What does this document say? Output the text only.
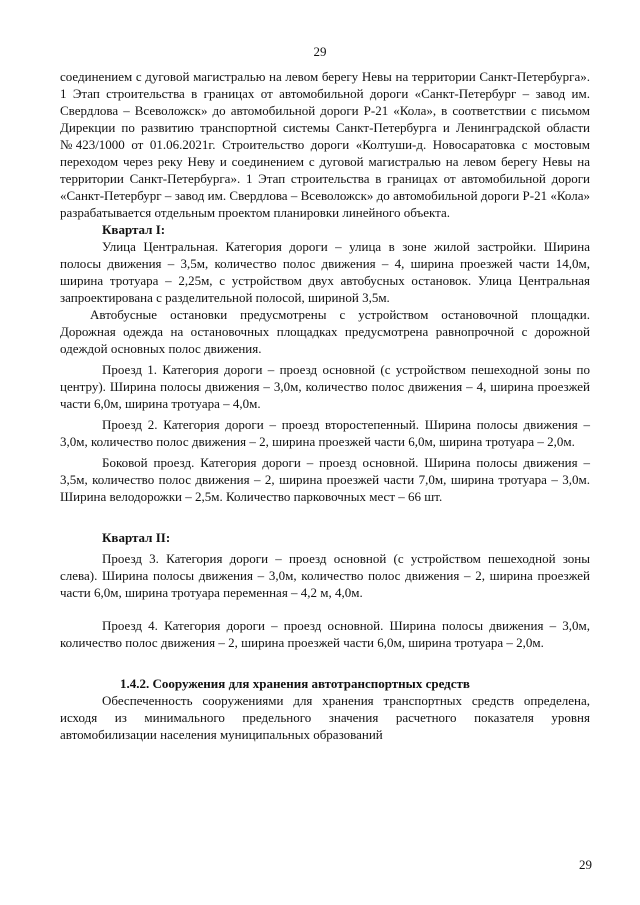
29

соединением с дуговой магистралью на левом берегу Невы на территории Санкт-Петербурга». 1 Этап строительства в границах от автомобильной дороги «Санкт-Петербург – завод им. Свердлова – Всеволожск» до автомобильной дороги Р-21 «Кола», в соответствии с письмом Дирекции по развитию транспортной системы Санкт-Петербурга и Ленинградской области №423/1000 от 01.06.2021г. Строительство дороги «Колтуши-д. Новосаратовка с мостовым переходом через реку Неву и соединением с дуговой магистралью на левом берегу Невы на территории Санкт-Петербурга». 1 Этап строительства в границах от автомобильной дороги «Санкт-Петербург – завод им. Свердлова – Всеволожск» до автомобильной дороги Р-21 «Кола» разрабатывается отдельным проектом планировки линейного объекта.

Квартал I:

Улица Центральная. Категория дороги – улица в зоне жилой застройки. Ширина полосы движения – 3,5м, количество полос движения – 4, ширина проезжей части 14,0м, ширина тротуара – 2,25м, с устройством двух автобусных остановок. Улица Центральная запроектирована с разделительной полосой, шириной 3,5м.

Автобусные остановки предусмотрены с устройством остановочной площадки. Дорожная одежда на остановочных площадках предусмотрена равнопрочной с дорожной одеждой основных полос движения.

Проезд 1. Категория дороги – проезд основной (с устройством пешеходной зоны по центру). Ширина полосы движения – 3,0м, количество полос движения – 4, ширина проезжей части 6,0м, ширина тротуара – 4,0м.

Проезд 2. Категория дороги – проезд второстепенный. Ширина полосы движения – 3,0м, количество полос движения – 2, ширина проезжей части 6,0м, ширина тротуара – 2,0м.

Боковой проезд. Категория дороги – проезд основной. Ширина полосы движения – 3,5м, количество полос движения – 2, ширина проезжей части 7,0м, ширина тротуара – 3,0м. Ширина велодорожки – 2,5м. Количество парковочных мест – 66 шт.

Квартал II:

Проезд 3. Категория дороги – проезд основной (с устройством пешеходной зоны слева). Ширина полосы движения – 3,0м, количество полос движения – 2, ширина проезжей части 6,0м, ширина тротуара переменная – 4,2 м, 4,0м.

Проезд 4. Категория дороги – проезд основной. Ширина полосы движения – 3,0м, количество полос движения – 2, ширина проезжей части 6,0м, ширина тротуара – 2,0м.

1.4.2. Сооружения для хранения автотранспортных средств

Обеспеченность сооружениями для хранения транспортных средств определена, исходя из минимального предельного значения расчетного показателя уровня автомобилизации населения муниципальных образований

29
